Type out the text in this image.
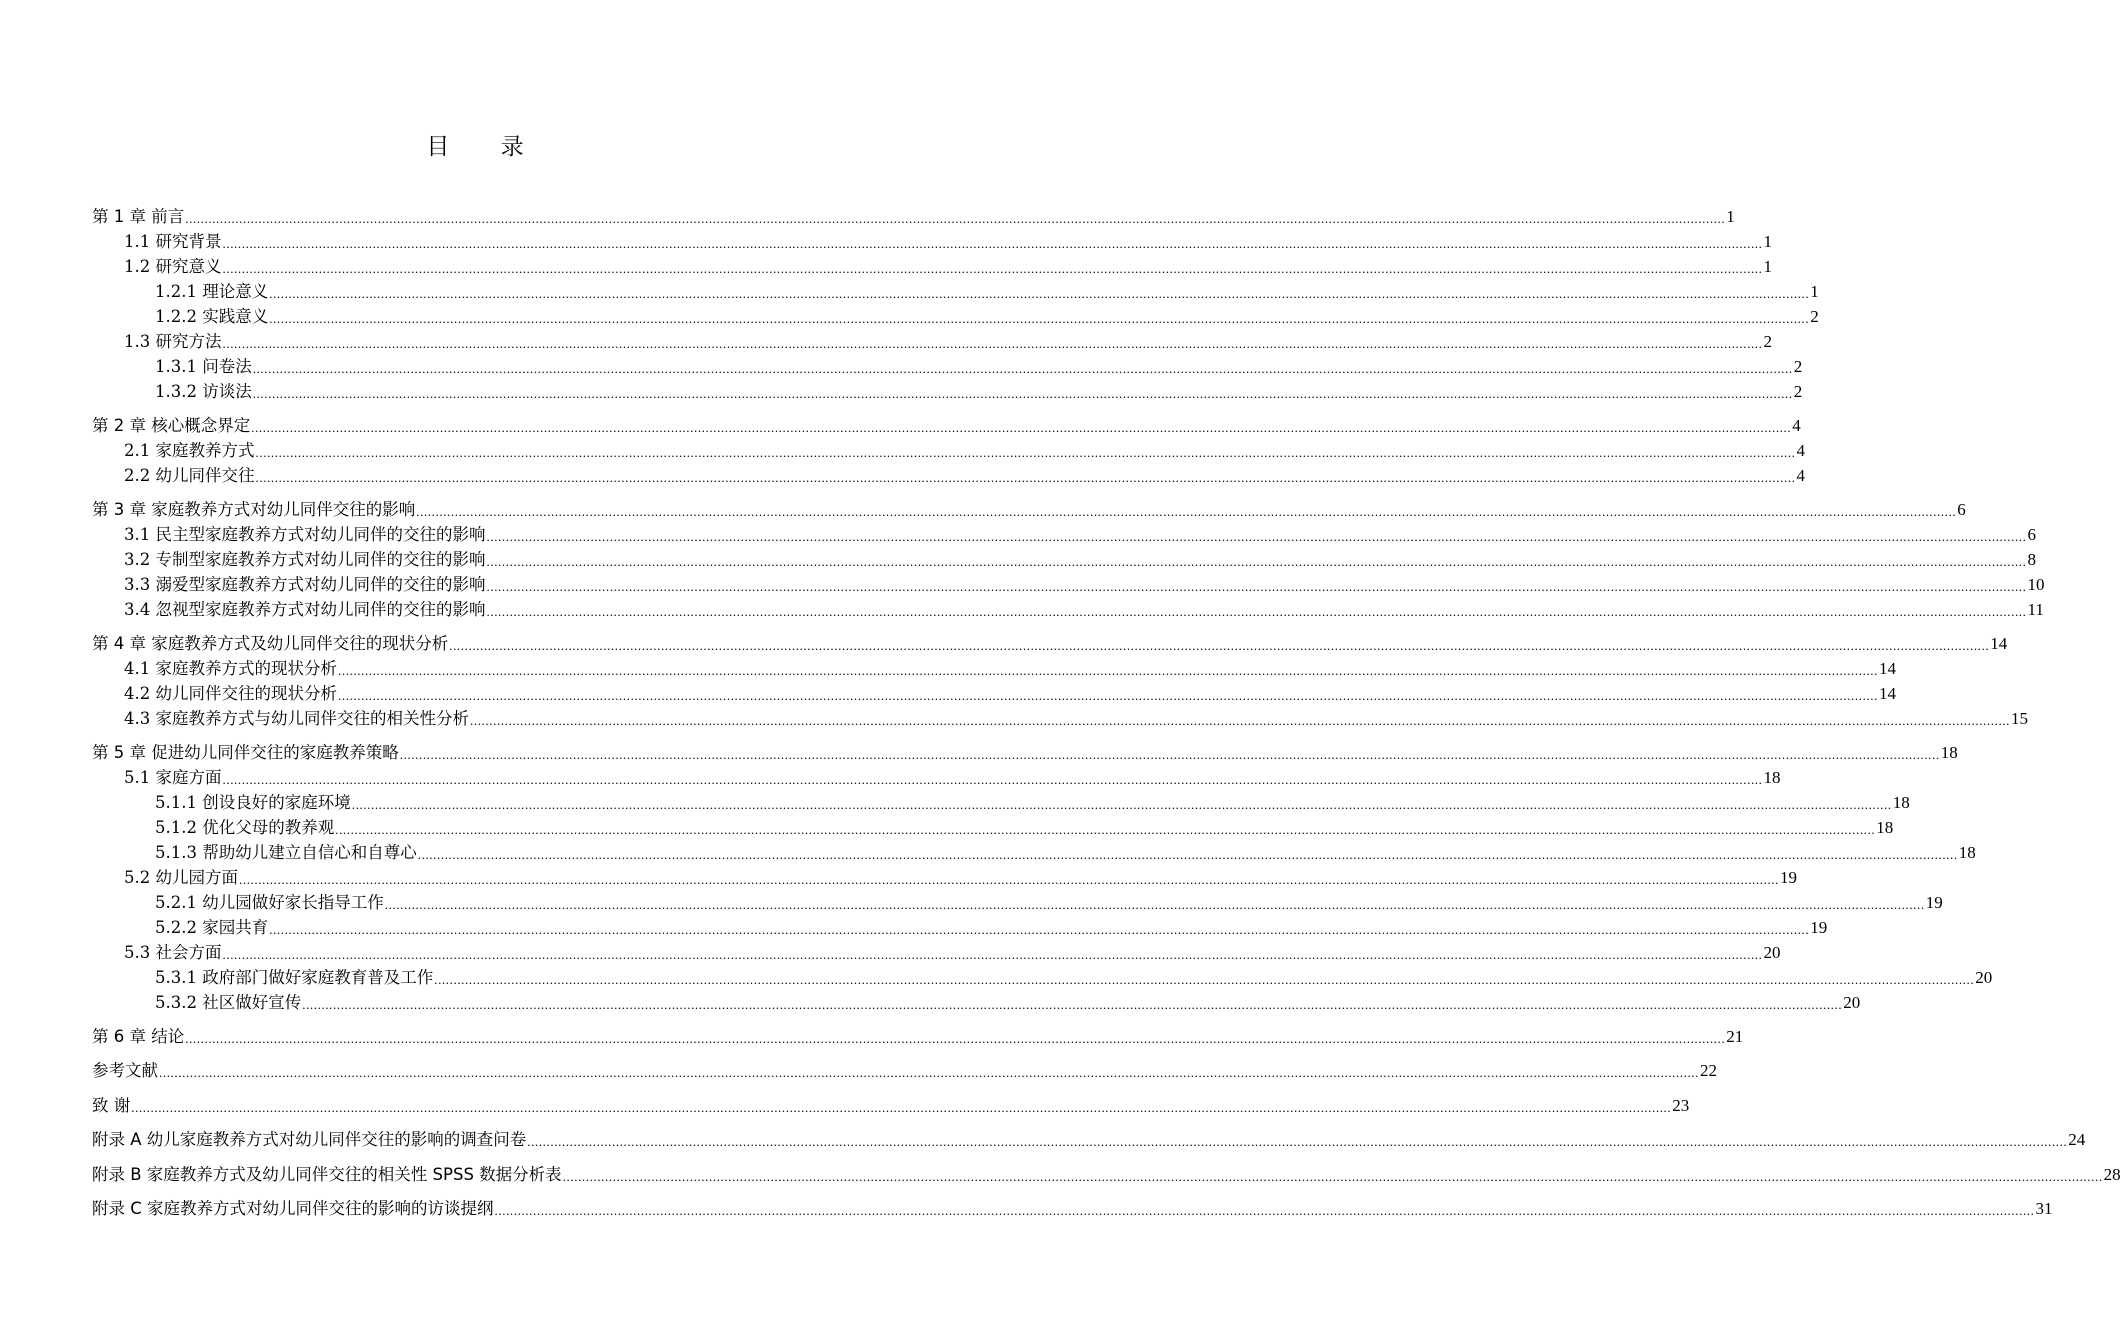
目 录
第 1 章 前言 ................................................................................................................................................................................................................................................................................................................................................................................................................ 1
1.1 研究背景 ................................................................................................................................................................................................................................................................................................................................................................................................................ 1
1.2 研究意义 ................................................................................................................................................................................................................................................................................................................................................................................................................ 1
1.2.1 理论意义 ................................................................................................................................................................................................................................................................................................................................................................................................................ 1
1.2.2 实践意义 ................................................................................................................................................................................................................................................................................................................................................................................................................ 2
1.3 研究方法 ................................................................................................................................................................................................................................................................................................................................................................................................................ 2
1.3.1 问卷法 ................................................................................................................................................................................................................................................................................................................................................................................................................ 2
1.3.2 访谈法 ................................................................................................................................................................................................................................................................................................................................................................................................................ 2
第 2 章 核心概念界定 ................................................................................................................................................................................................................................................................................................................................................................................................................ 4
2.1 家庭教养方式 ................................................................................................................................................................................................................................................................................................................................................................................................................ 4
2.2 幼儿同伴交往 ................................................................................................................................................................................................................................................................................................................................................................................................................ 4
第 3 章 家庭教养方式对幼儿同伴交往的影响 ................................................................................................................................................................................................................................................................................................................................................................................................................ 6
3.1 民主型家庭教养方式对幼儿同伴的交往的影响 ................................................................................................................................................................................................................................................................................................................................................................................................................ 6
3.2 专制型家庭教养方式对幼儿同伴的交往的影响 ................................................................................................................................................................................................................................................................................................................................................................................................................ 8
3.3 溺爱型家庭教养方式对幼儿同伴的交往的影响 ................................................................................................................................................................................................................................................................................................................................................................................................................ 10
3.4 忽视型家庭教养方式对幼儿同伴的交往的影响 ................................................................................................................................................................................................................................................................................................................................................................................................................ 11
第 4 章 家庭教养方式及幼儿同伴交往的现状分析 ................................................................................................................................................................................................................................................................................................................................................................................................................ 14
4.1 家庭教养方式的现状分析 ................................................................................................................................................................................................................................................................................................................................................................................................................ 14
4.2 幼儿同伴交往的现状分析 ................................................................................................................................................................................................................................................................................................................................................................................................................ 14
4.3 家庭教养方式与幼儿同伴交往的相关性分析 ................................................................................................................................................................................................................................................................................................................................................................................................................ 15
第 5 章 促进幼儿同伴交往的家庭教养策略 ................................................................................................................................................................................................................................................................................................................................................................................................................ 18
5.1 家庭方面 ................................................................................................................................................................................................................................................................................................................................................................................................................ 18
5.1.1 创设良好的家庭环境 ................................................................................................................................................................................................................................................................................................................................................................................................................ 18
5.1.2 优化父母的教养观 ................................................................................................................................................................................................................................................................................................................................................................................................................ 18
5.1.3 帮助幼儿建立自信心和自尊心 ................................................................................................................................................................................................................................................................................................................................................................................................................ 18
5.2 幼儿园方面 ................................................................................................................................................................................................................................................................................................................................................................................................................ 19
5.2.1 幼儿园做好家长指导工作 ................................................................................................................................................................................................................................................................................................................................................................................................................ 19
5.2.2 家园共育 ................................................................................................................................................................................................................................................................................................................................................................................................................ 19
5.3 社会方面 ................................................................................................................................................................................................................................................................................................................................................................................................................ 20
5.3.1 政府部门做好家庭教育普及工作 ................................................................................................................................................................................................................................................................................................................................................................................................................ 20
5.3.2 社区做好宣传 ................................................................................................................................................................................................................................................................................................................................................................................................................ 20
第 6 章 结论 ................................................................................................................................................................................................................................................................................................................................................................................................................ 21
参考文献 ................................................................................................................................................................................................................................................................................................................................................................................................................ 22
致 谢 ................................................................................................................................................................................................................................................................................................................................................................................................................ 23
附录 A 幼儿家庭教养方式对幼儿同伴交往的影响的调查问卷 ................................................................................................................................................................................................................................................................................................................................................................................................................ 24
附录 B 家庭教养方式及幼儿同伴交往的相关性 SPSS 数据分析表 ................................................................................................................................................................................................................................................................................................................................................................................................................ 28
附录 C 家庭教养方式对幼儿同伴交往的影响的访谈提纲 ................................................................................................................................................................................................................................................................................................................................................................................................................ 31
